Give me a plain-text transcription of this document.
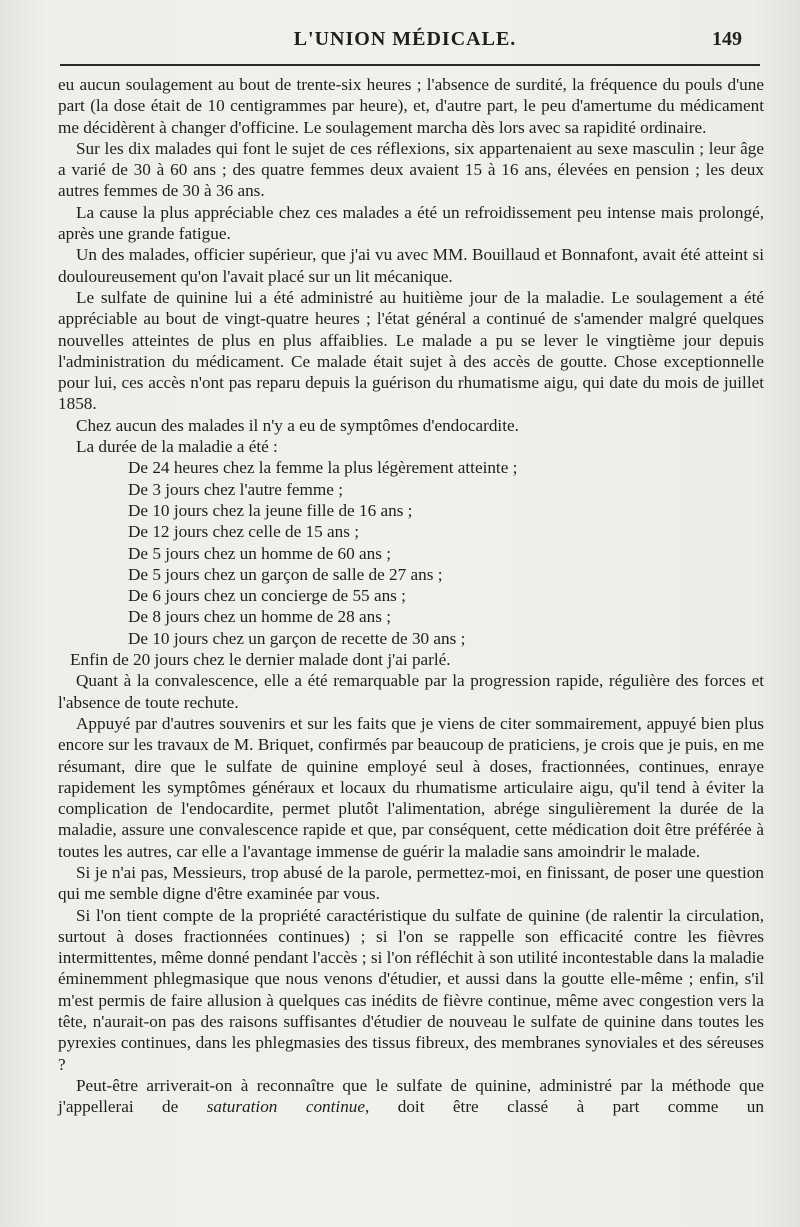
L'UNION MÉDICALE.	149

eu aucun soulagement au bout de trente-six heures ; l'absence de surdité, la fréquence du pouls d'une part (la dose était de 10 centigrammes par heure), et, d'autre part, le peu d'amertume du médicament me décidèrent à changer d'officine. Le soulagement marcha dès lors avec sa rapidité ordinaire.

Sur les dix malades qui font le sujet de ces réflexions, six appartenaient au sexe masculin ; leur âge a varié de 30 à 60 ans ; des quatre femmes deux avaient 15 à 16 ans, élevées en pension ; les deux autres femmes de 30 à 36 ans.

La cause la plus appréciable chez ces malades a été un refroidissement peu intense mais prolongé, après une grande fatigue.

Un des malades, officier supérieur, que j'ai vu avec MM. Bouillaud et Bonnafont, avait été atteint si douloureusement qu'on l'avait placé sur un lit mécanique.

Le sulfate de quinine lui a été administré au huitième jour de la maladie. Le soulagement a été appréciable au bout de vingt-quatre heures ; l'état général a continué de s'amender malgré quelques nouvelles atteintes de plus en plus affaiblies. Le malade a pu se lever le vingtième jour depuis l'administration du médicament. Ce malade était sujet à des accès de goutte. Chose exceptionnelle pour lui, ces accès n'ont pas reparu depuis la guérison du rhumatisme aigu, qui date du mois de juillet 1858.

Chez aucun des malades il n'y a eu de symptômes d'endocardite.

La durée de la maladie a été :

De 24 heures chez la femme la plus légèrement atteinte ;
De 3 jours chez l'autre femme ;
De 10 jours chez la jeune fille de 16 ans ;
De 12 jours chez celle de 15 ans ;
De 5 jours chez un homme de 60 ans ;
De 5 jours chez un garçon de salle de 27 ans ;
De 6 jours chez un concierge de 55 ans ;
De 8 jours chez un homme de 28 ans ;
De 10 jours chez un garçon de recette de 30 ans ;

Enfin de 20 jours chez le dernier malade dont j'ai parlé.

Quant à la convalescence, elle a été remarquable par la progression rapide, régulière des forces et l'absence de toute rechute.

Appuyé par d'autres souvenirs et sur les faits que je viens de citer sommairement, appuyé bien plus encore sur les travaux de M. Briquet, confirmés par beaucoup de praticiens, je crois que je puis, en me résumant, dire que le sulfate de quinine employé seul à doses, fractionnées, continues, enraye rapidement les symptômes généraux et locaux du rhumatisme articulaire aigu, qu'il tend à éviter la complication de l'endocardite, permet plutôt l'alimentation, abrége singulièrement la durée de la maladie, assure une convalescence rapide et que, par conséquent, cette médication doit être préférée à toutes les autres, car elle a l'avantage immense de guérir la maladie sans amoindrir le malade.

Si je n'ai pas, Messieurs, trop abusé de la parole, permettez-moi, en finissant, de poser une question qui me semble digne d'être examinée par vous.

Si l'on tient compte de la propriété caractéristique du sulfate de quinine (de ralentir la circulation, surtout à doses fractionnées continues) ; si l'on se rappelle son efficacité contre les fièvres intermittentes, même donné pendant l'accès ; si l'on réfléchit à son utilité incontestable dans la maladie éminemment phlegmasique que nous venons d'étudier, et aussi dans la goutte elle-même ; enfin, s'il m'est permis de faire allusion à quelques cas inédits de fièvre continue, même avec congestion vers la tête, n'aurait-on pas des raisons suffisantes d'étudier de nouveau le sulfate de quinine dans toutes les pyrexies continues, dans les phlegmasies des tissus fibreux, des membranes synoviales et des séreuses ?

Peut-être arriverait-on à reconnaître que le sulfate de quinine, administré par la méthode que j'appellerai de saturation continue, doit être classé à part comme un
